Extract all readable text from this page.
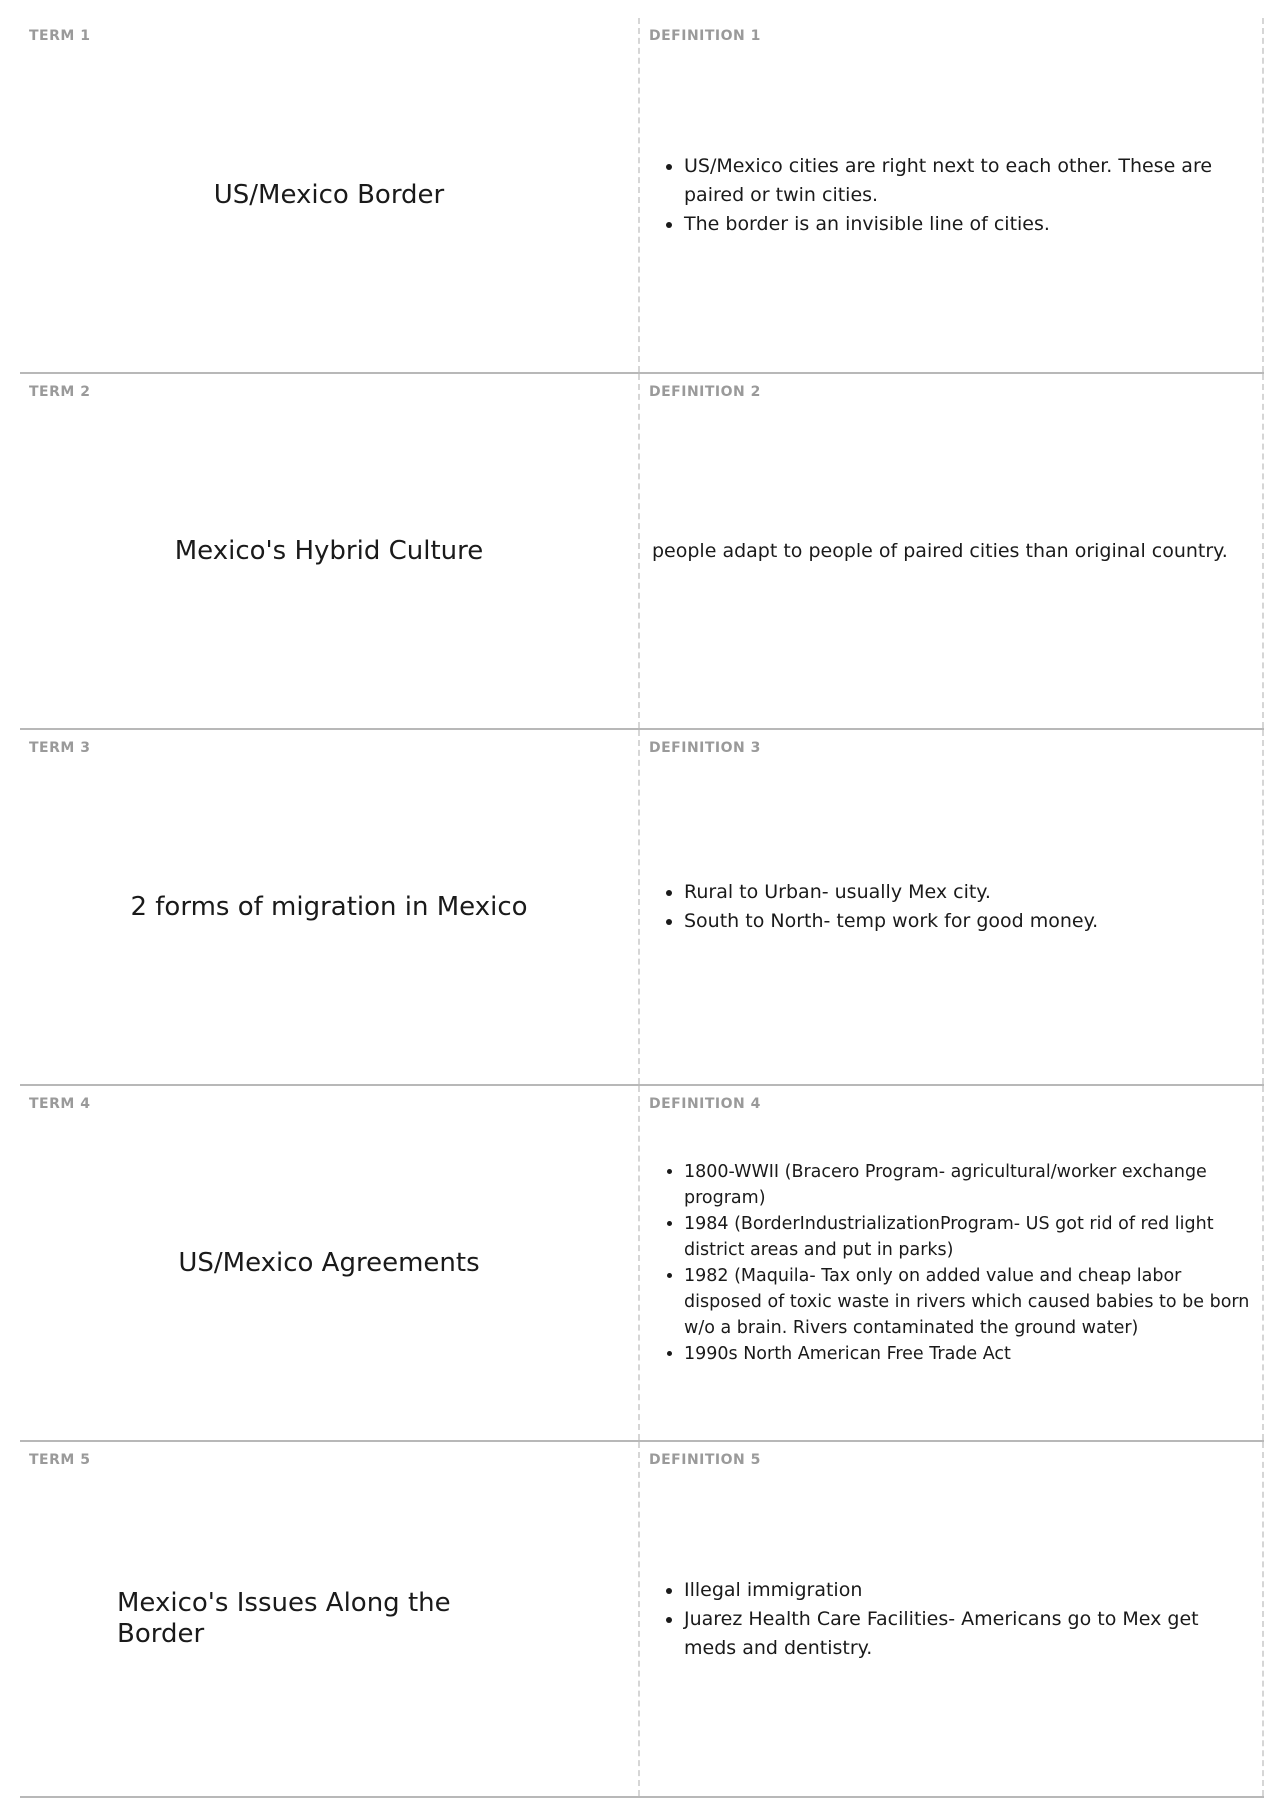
TERM 1
US/Mexico Border
DEFINITION 1
• US/Mexico cities are right next to each other. These are paired or twin cities.
• The border is an invisible line of cities.
TERM 2
Mexico's Hybrid Culture
DEFINITION 2
people adapt to people of paired cities than original country.
TERM 3
2 forms of migration in Mexico
DEFINITION 3
• Rural to Urban- usually Mex city.
• South to North- temp work for good money.
TERM 4
US/Mexico Agreements
DEFINITION 4
• 1800-WWII (Bracero Program- agricultural/worker exchange program)
• 1984 (BorderIndustrializationProgram- US got rid of red light district areas and put in parks)
• 1982 (Maquila- Tax only on added value and cheap labor disposed of toxic waste in rivers which caused babies to be born w/o a brain. Rivers contaminated the ground water)
• 1990s North American Free Trade Act
TERM 5
Mexico's Issues Along the Border
DEFINITION 5
• Illegal immigration
• Juarez Health Care Facilities- Americans go to Mex get meds and dentistry.
